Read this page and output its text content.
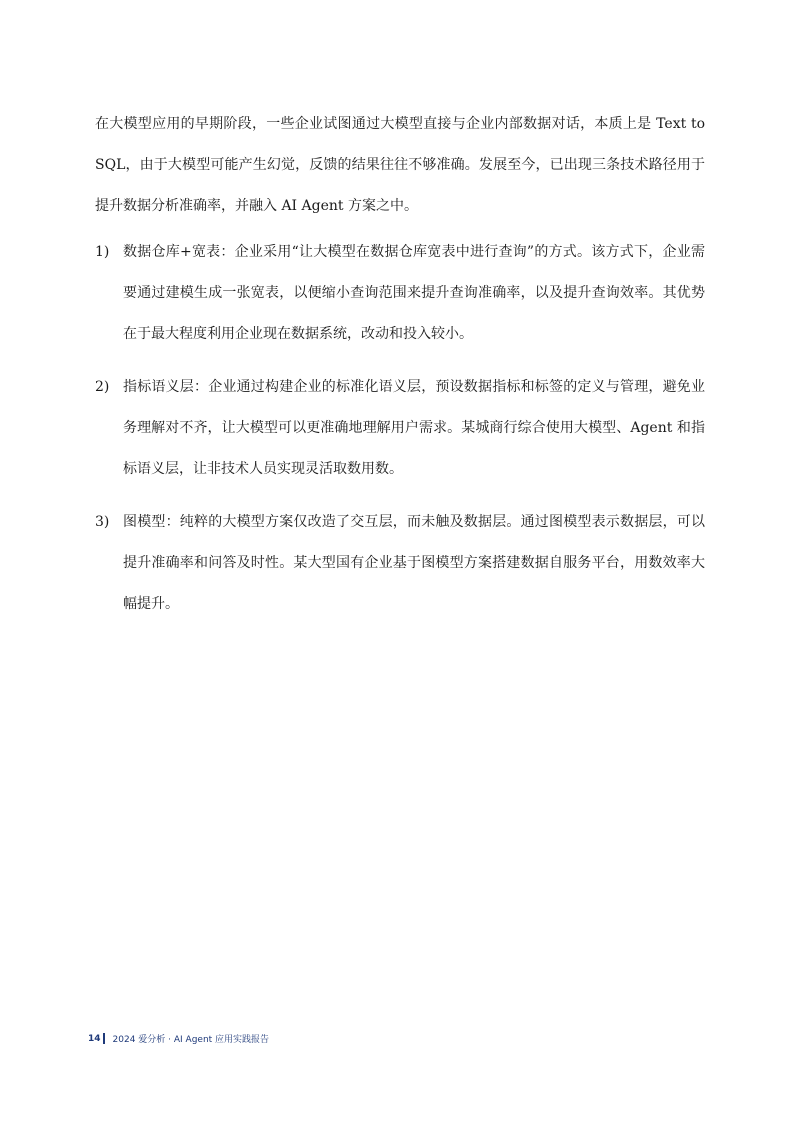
在大模型应用的早期阶段，一些企业试图通过大模型直接与企业内部数据对话，本质上是 Text to SQL，由于大模型可能产生幻觉，反馈的结果往往不够准确。发展至今，已出现三条技术路径用于提升数据分析准确率，并融入 AI Agent 方案之中。

1) 数据仓库+宽表：企业采用“让大模型在数据仓库宽表中进行查询”的方式。该方式下，企业需要通过建模生成一张宽表，以便缩小查询范围来提升查询准确率，以及提升查询效率。其优势在于最大程度利用企业现在数据系统，改动和投入较小。

2) 指标语义层：企业通过构建企业的标准化语义层，预设数据指标和标签的定义与管理，避免业务理解对不齐，让大模型可以更准确地理解用户需求。某城商行综合使用大模型、Agent 和指标语义层，让非技术人员实现灵活取数用数。

3) 图模型：纯粹的大模型方案仅改造了交互层，而未触及数据层。通过图模型表示数据层，可以提升准确率和问答及时性。某大型国有企业基于图模型方案搭建数据自服务平台，用数效率大幅提升。

14 2024 爱分析 · AI Agent 应用实践报告
